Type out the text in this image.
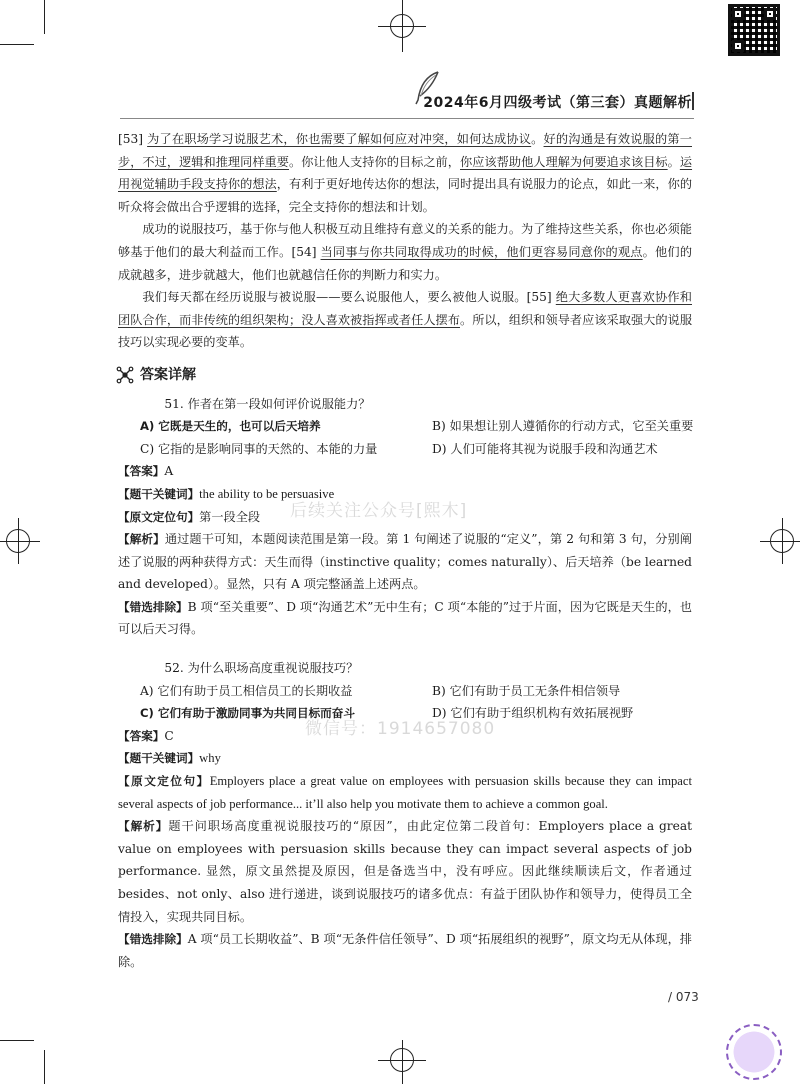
2024年6月四级考试（第三套）真题解析
后续关注公众号[熙木]
微信号：1914657080

[53] 为了在职场学习说服艺术，你也需要了解如何应对冲突，如何达成协议。好的沟通是有效说服的第一步，不过，逻辑和推理同样重要。你让他人支持你的目标之前，你应该帮助他人理解为何要追求该目标。运用视觉辅助手段支持你的想法，有利于更好地传达你的想法，同时提出具有说服力的论点，如此一来，你的听众将会做出合乎逻辑的选择，完全支持你的想法和计划。

成功的说服技巧，基于你与他人积极互动且维持有意义的关系的能力。为了维持这些关系，你也必须能够基于他们的最大利益而工作。[54] 当同事与你共同取得成功的时候，他们更容易同意你的观点。他们的成就越多，进步就越大，他们也就越信任你的判断力和实力。

我们每天都在经历说服与被说服——要么说服他人，要么被他人说服。[55] 绝大多数人更喜欢协作和团队合作，而非传统的组织架构；没人喜欢被指挥或者任人摆布。所以，组织和领导者应该采取强大的说服技巧以实现必要的变革。

答案详解

51. 作者在第一段如何评价说服能力？

A) 它既是天生的，也可以后天培养	B) 如果想让别人遵循你的行动方式，它至关重要
C) 它指的是影响同事的天然的、本能的力量	D) 人们可能将其视为说服手段和沟通艺术

【答案】A

【题干关键词】the ability to be persuasive

【原文定位句】第一段全段

【解析】通过题干可知，本题阅读范围是第一段。第 1 句阐述了说服的“定义”，第 2 句和第 3 句，分别阐述了说服的两种获得方式：天生而得（instinctive quality；comes naturally）、后天培养（be learned and developed）。显然，只有 A 项完整涵盖上述两点。

【错选排除】B 项“至关重要”、D 项“沟通艺术”无中生有；C 项“本能的”过于片面，因为它既是天生的，也可以后天习得。

52. 为什么职场高度重视说服技巧？

A) 它们有助于员工相信员工的长期收益	B) 它们有助于员工无条件相信领导
C) 它们有助于激励同事为共同目标而奋斗	D) 它们有助于组织机构有效拓展视野

【答案】C

【题干关键词】why

【原文定位句】Employers place a great value on employees with persuasion skills because they can impact several aspects of job performance... it’ll also help you motivate them to achieve a common goal.

【解析】题干问职场高度重视说服技巧的“原因”，由此定位第二段首句：Employers place a great value on employees with persuasion skills because they can impact several aspects of job performance. 显然，原文虽然提及原因，但是备选当中，没有呼应。因此继续顺读后文，作者通过 besides、not only、also 进行递进，谈到说服技巧的诸多优点：有益于团队协作和领导力，使得员工全情投入，实现共同目标。

【错选排除】A 项“员工长期收益”、B 项“无条件信任领导”、D 项“拓展组织的视野”，原文均无从体现，排除。

/ 073
